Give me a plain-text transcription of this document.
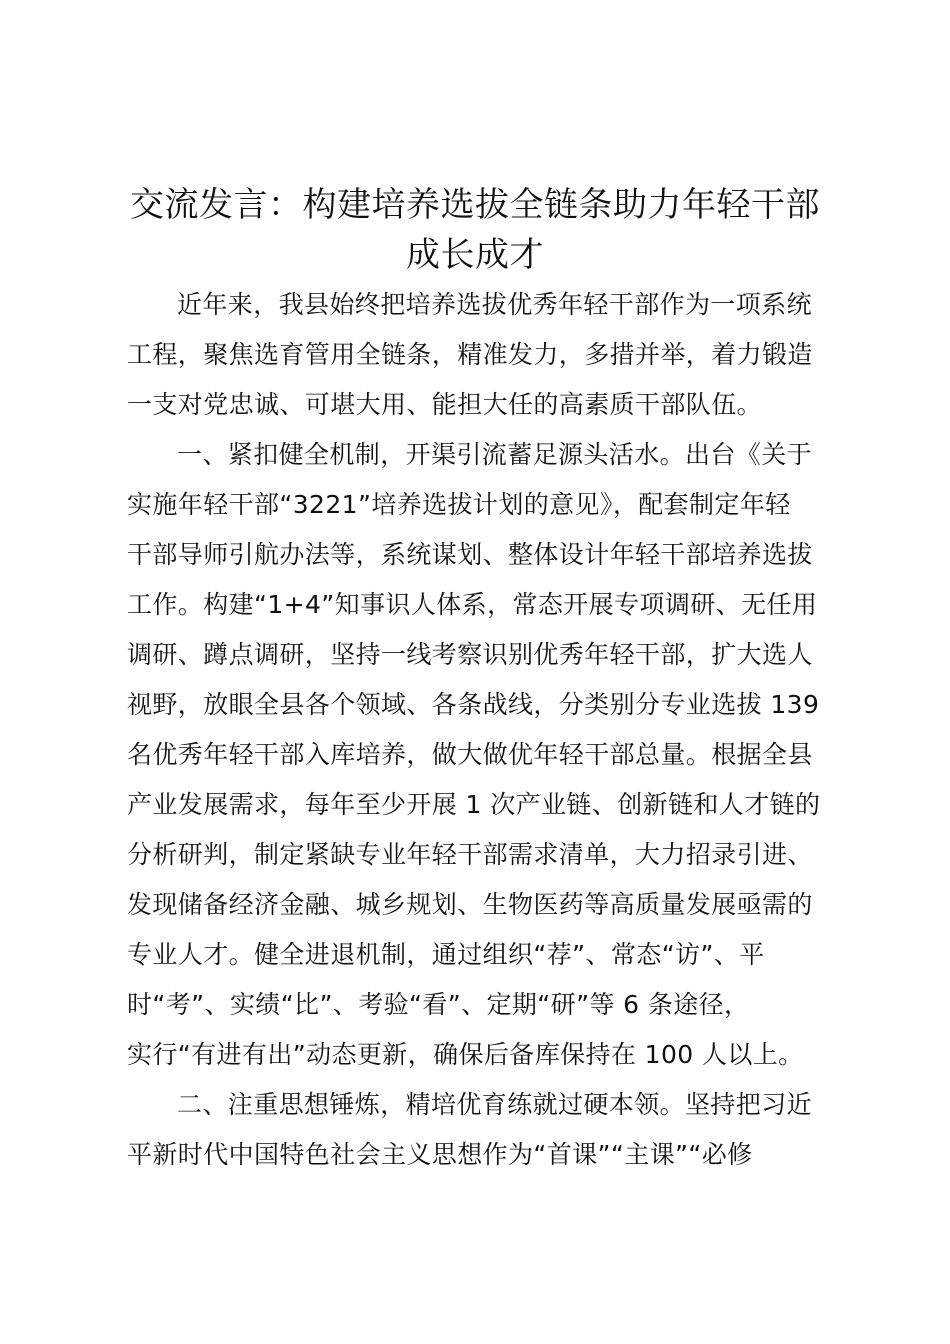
交流发言：构建培养选拔全链条助力年轻干部
成长成才
近年来，我县始终把培养选拔优秀年轻干部作为一项系统
工程，聚焦选育管用全链条，精准发力，多措并举，着力锻造
一支对党忠诚、可堪大用、能担大任的高素质干部队伍。
一、紧扣健全机制，开渠引流蓄足源头活水。出台《关于
实施年轻干部“3221”培养选拔计划的意见》，配套制定年轻
干部导师引航办法等，系统谋划、整体设计年轻干部培养选拔
工作。构建“1+4”知事识人体系，常态开展专项调研、无任用
调研、蹲点调研，坚持一线考察识别优秀年轻干部，扩大选人
视野，放眼全县各个领域、各条战线，分类别分专业选拔 139
名优秀年轻干部入库培养，做大做优年轻干部总量。根据全县
产业发展需求，每年至少开展 1 次产业链、创新链和人才链的
分析研判，制定紧缺专业年轻干部需求清单，大力招录引进、
发现储备经济金融、城乡规划、生物医药等高质量发展亟需的
专业人才。健全进退机制，通过组织“荐”、常态“访”、平
时“考”、实绩“比”、考验“看”、定期“研”等 6 条途径，
实行“有进有出”动态更新，确保后备库保持在 100 人以上。
二、注重思想锤炼，精培优育练就过硬本领。坚持把习近
平新时代中国特色社会主义思想作为“首课”“主课”“必修
